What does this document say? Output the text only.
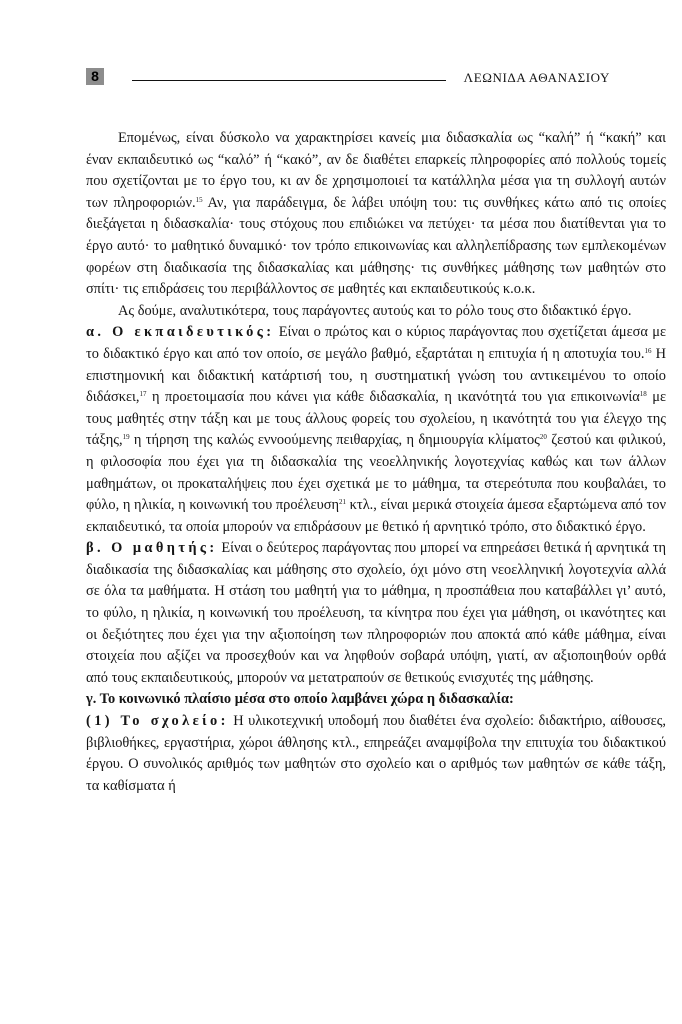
8	ΛΕΩΝΙΔΑ ΑΘΑΝΑΣΙΟΥ

Επομένως, είναι δύσκολο να χαρακτηρίσει κανείς μια διδασκαλία ως “καλή” ή “κακή” και έναν εκπαιδευτικό ως “καλό” ή “κακό”, αν δε διαθέτει επαρκείς πληροφορίες από πολλούς τομείς που σχετίζονται με το έργο του, κι αν δε χρησιμοποιεί τα κατάλληλα μέσα για τη συλλογή αυτών των πληροφοριών.$^{15}$ Αν, για παράδειγμα, δε λάβει υπόψη του: τις συνθήκες κάτω από τις οποίες διεξάγεται η διδασκαλία· τους στόχους που επιδιώκει να πετύχει· τα μέσα που διατίθενται για το έργο αυτό· το μαθητικό δυναμικό· τον τρόπο επικοινωνίας και αλληλεπίδρασης των εμπλεκομένων φορέων στη διαδικασία της διδασκαλίας και μάθησης· τις συνθήκες μάθησης των μαθητών στο σπίτι· τις επιδράσεις του περιβάλλοντος σε μαθητές και εκπαιδευτικούς κ.ο.κ.

Ας δούμε, αναλυτικότερα, τους παράγοντες αυτούς και το ρόλο τους στο διδακτικό έργο.

α. Ο εκπαιδευτικός: Είναι ο πρώτος και ο κύριος παράγοντας που σχετίζεται άμεσα με το διδακτικό έργο και από τον οποίο, σε μεγάλο βαθμό, εξαρτάται η επιτυχία ή η αποτυχία του.$^{16}$ Η επιστημονική και διδακτική κατάρτισή του, η συστηματική γνώση του αντικειμένου το οποίο διδάσκει,$^{17}$ η προετοιμασία που κάνει για κάθε διδασκαλία, η ικανότητά του για επικοινωνία$^{18}$ με τους μαθητές στην τάξη και με τους άλλους φορείς του σχολείου, η ικανότητά του για έλεγχο της τάξης,$^{19}$ η τήρηση της καλώς εννοούμενης πειθαρχίας, η δημιουργία κλίματος$^{20}$ ζεστού και φιλικού, η φιλοσοφία που έχει για τη διδασκαλία της νεοελληνικής λογοτεχνίας καθώς και των άλλων μαθημάτων, οι προκαταλήψεις που έχει σχετικά με το μάθημα, τα στερεότυπα που κουβαλάει, το φύλο, η ηλικία, η κοινωνική του προέλευση$^{21}$ κτλ., είναι μερικά στοιχεία άμεσα εξαρτώμενα από τον εκπαιδευτικό, τα οποία μπορούν να επιδράσουν με θετικό ή αρνητικό τρόπο, στο διδακτικό έργο.

β. Ο μαθητής: Είναι ο δεύτερος παράγοντας που μπορεί να επηρεάσει θετικά ή αρνητικά τη διαδικασία της διδασκαλίας και μάθησης στο σχολείο, όχι μόνο στη νεοελληνική λογοτεχνία αλλά σε όλα τα μαθήματα. Η στάση του μαθητή για το μάθημα, η προσπάθεια που καταβάλλει γι’ αυτό, το φύλο, η ηλικία, η κοινωνική του προέλευση, τα κίνητρα που έχει για μάθηση, οι ικανότητες και οι δεξιότητες που έχει για την αξιοποίηση των πληροφοριών που αποκτά από κάθε μάθημα, είναι στοιχεία που αξίζει να προσεχθούν και να ληφθούν σοβαρά υπόψη, γιατί, αν αξιοποιηθούν ορθά από τους εκπαιδευτικούς, μπορούν να μετατραπούν σε θετικούς ενισχυτές της μάθησης.

γ. Το κοινωνικό πλαίσιο μέσα στο οποίο λαμβάνει χώρα η διδασκαλία:

(1) Το σχολείο: Η υλικοτεχνική υποδομή που διαθέτει ένα σχολείο: διδακτήριο, αίθουσες, βιβλιοθήκες, εργαστήρια, χώροι άθλησης κτλ., επηρεάζει αναμφίβολα την επιτυχία του διδακτικού έργου. Ο συνολικός αριθμός των μαθητών στο σχολείο και ο αριθμός των μαθητών σε κάθε τάξη, τα καθίσματα ή
